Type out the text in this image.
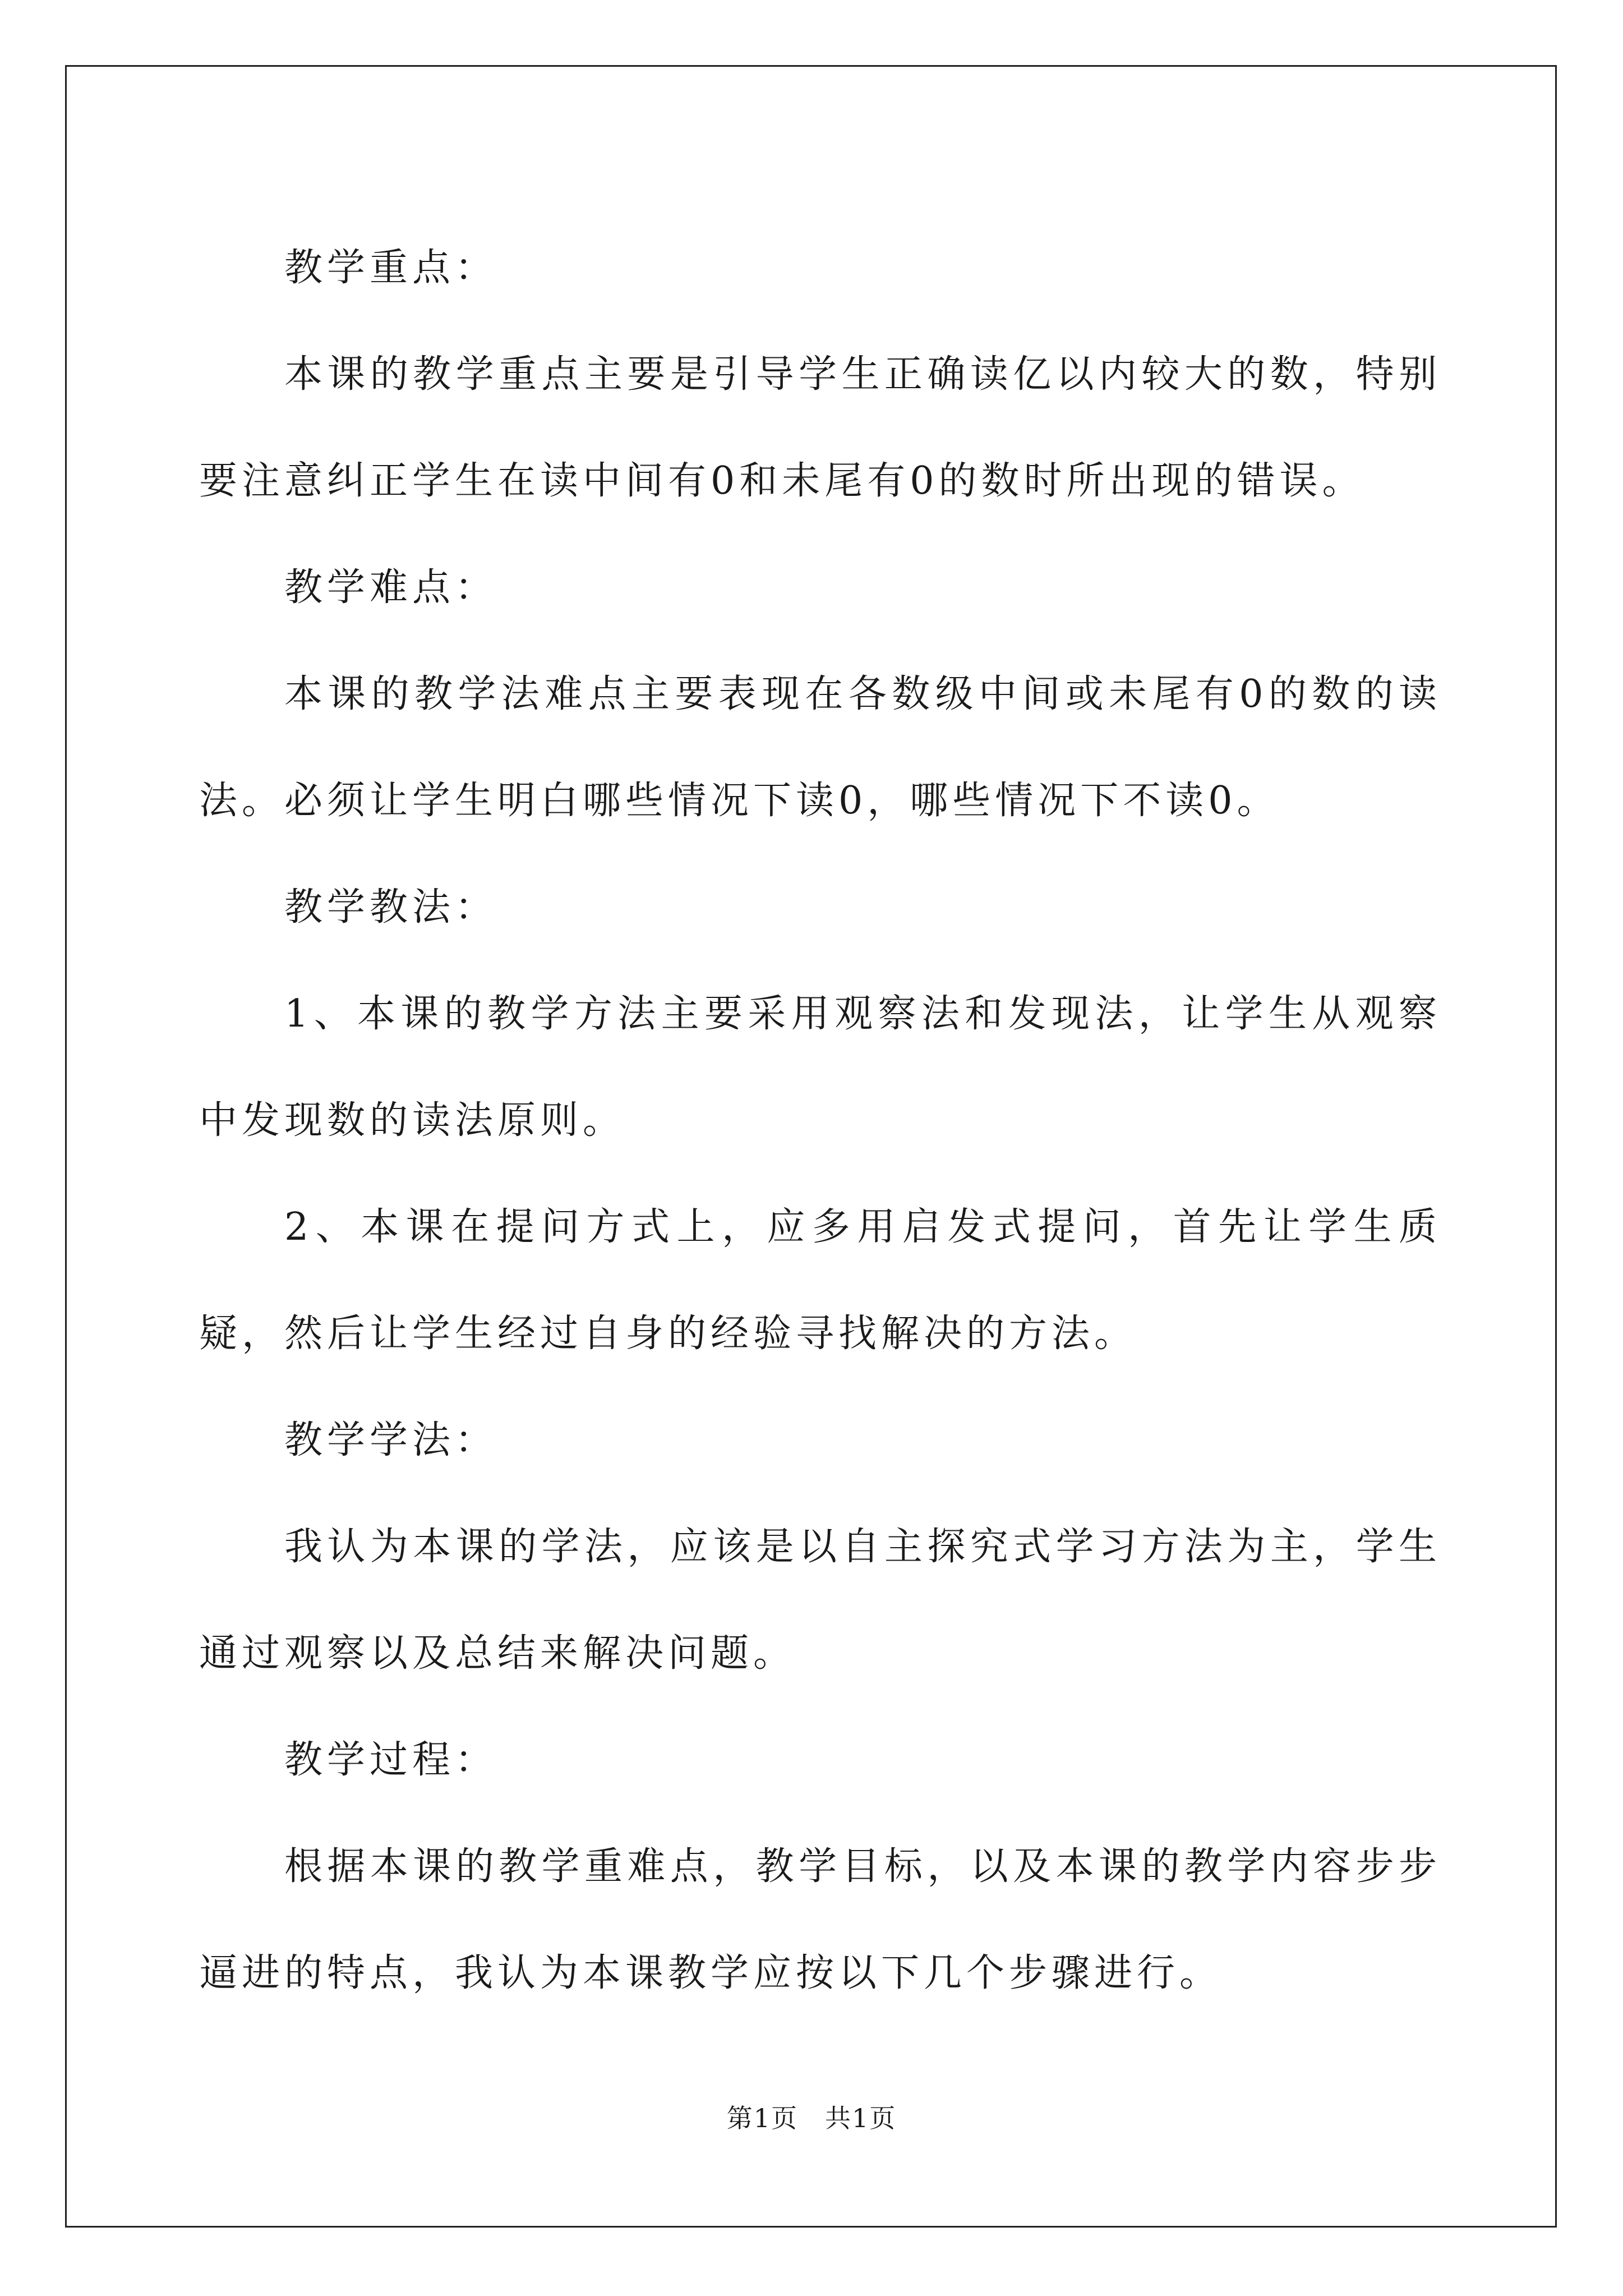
教学重点：

本课的教学重点主要是引导学生正确读亿以内较大的数，特别要注意纠正学生在读中间有0和未尾有0的数时所出现的错误。

教学难点：

本课的教学法难点主要表现在各数级中间或未尾有0的数的读法。必须让学生明白哪些情况下读0，哪些情况下不读0。

教学教法：

1、本课的教学方法主要采用观察法和发现法，让学生从观察中发现数的读法原则。

2、本课在提问方式上，应多用启发式提问，首先让学生质疑，然后让学生经过自身的经验寻找解决的方法。

教学学法：

我认为本课的学法，应该是以自主探究式学习方法为主，学生通过观察以及总结来解决问题。

教学过程：

根据本课的教学重难点，教学目标，以及本课的教学内容步步逼进的特点，我认为本课教学应按以下几个步骤进行。

第1页　共1页
